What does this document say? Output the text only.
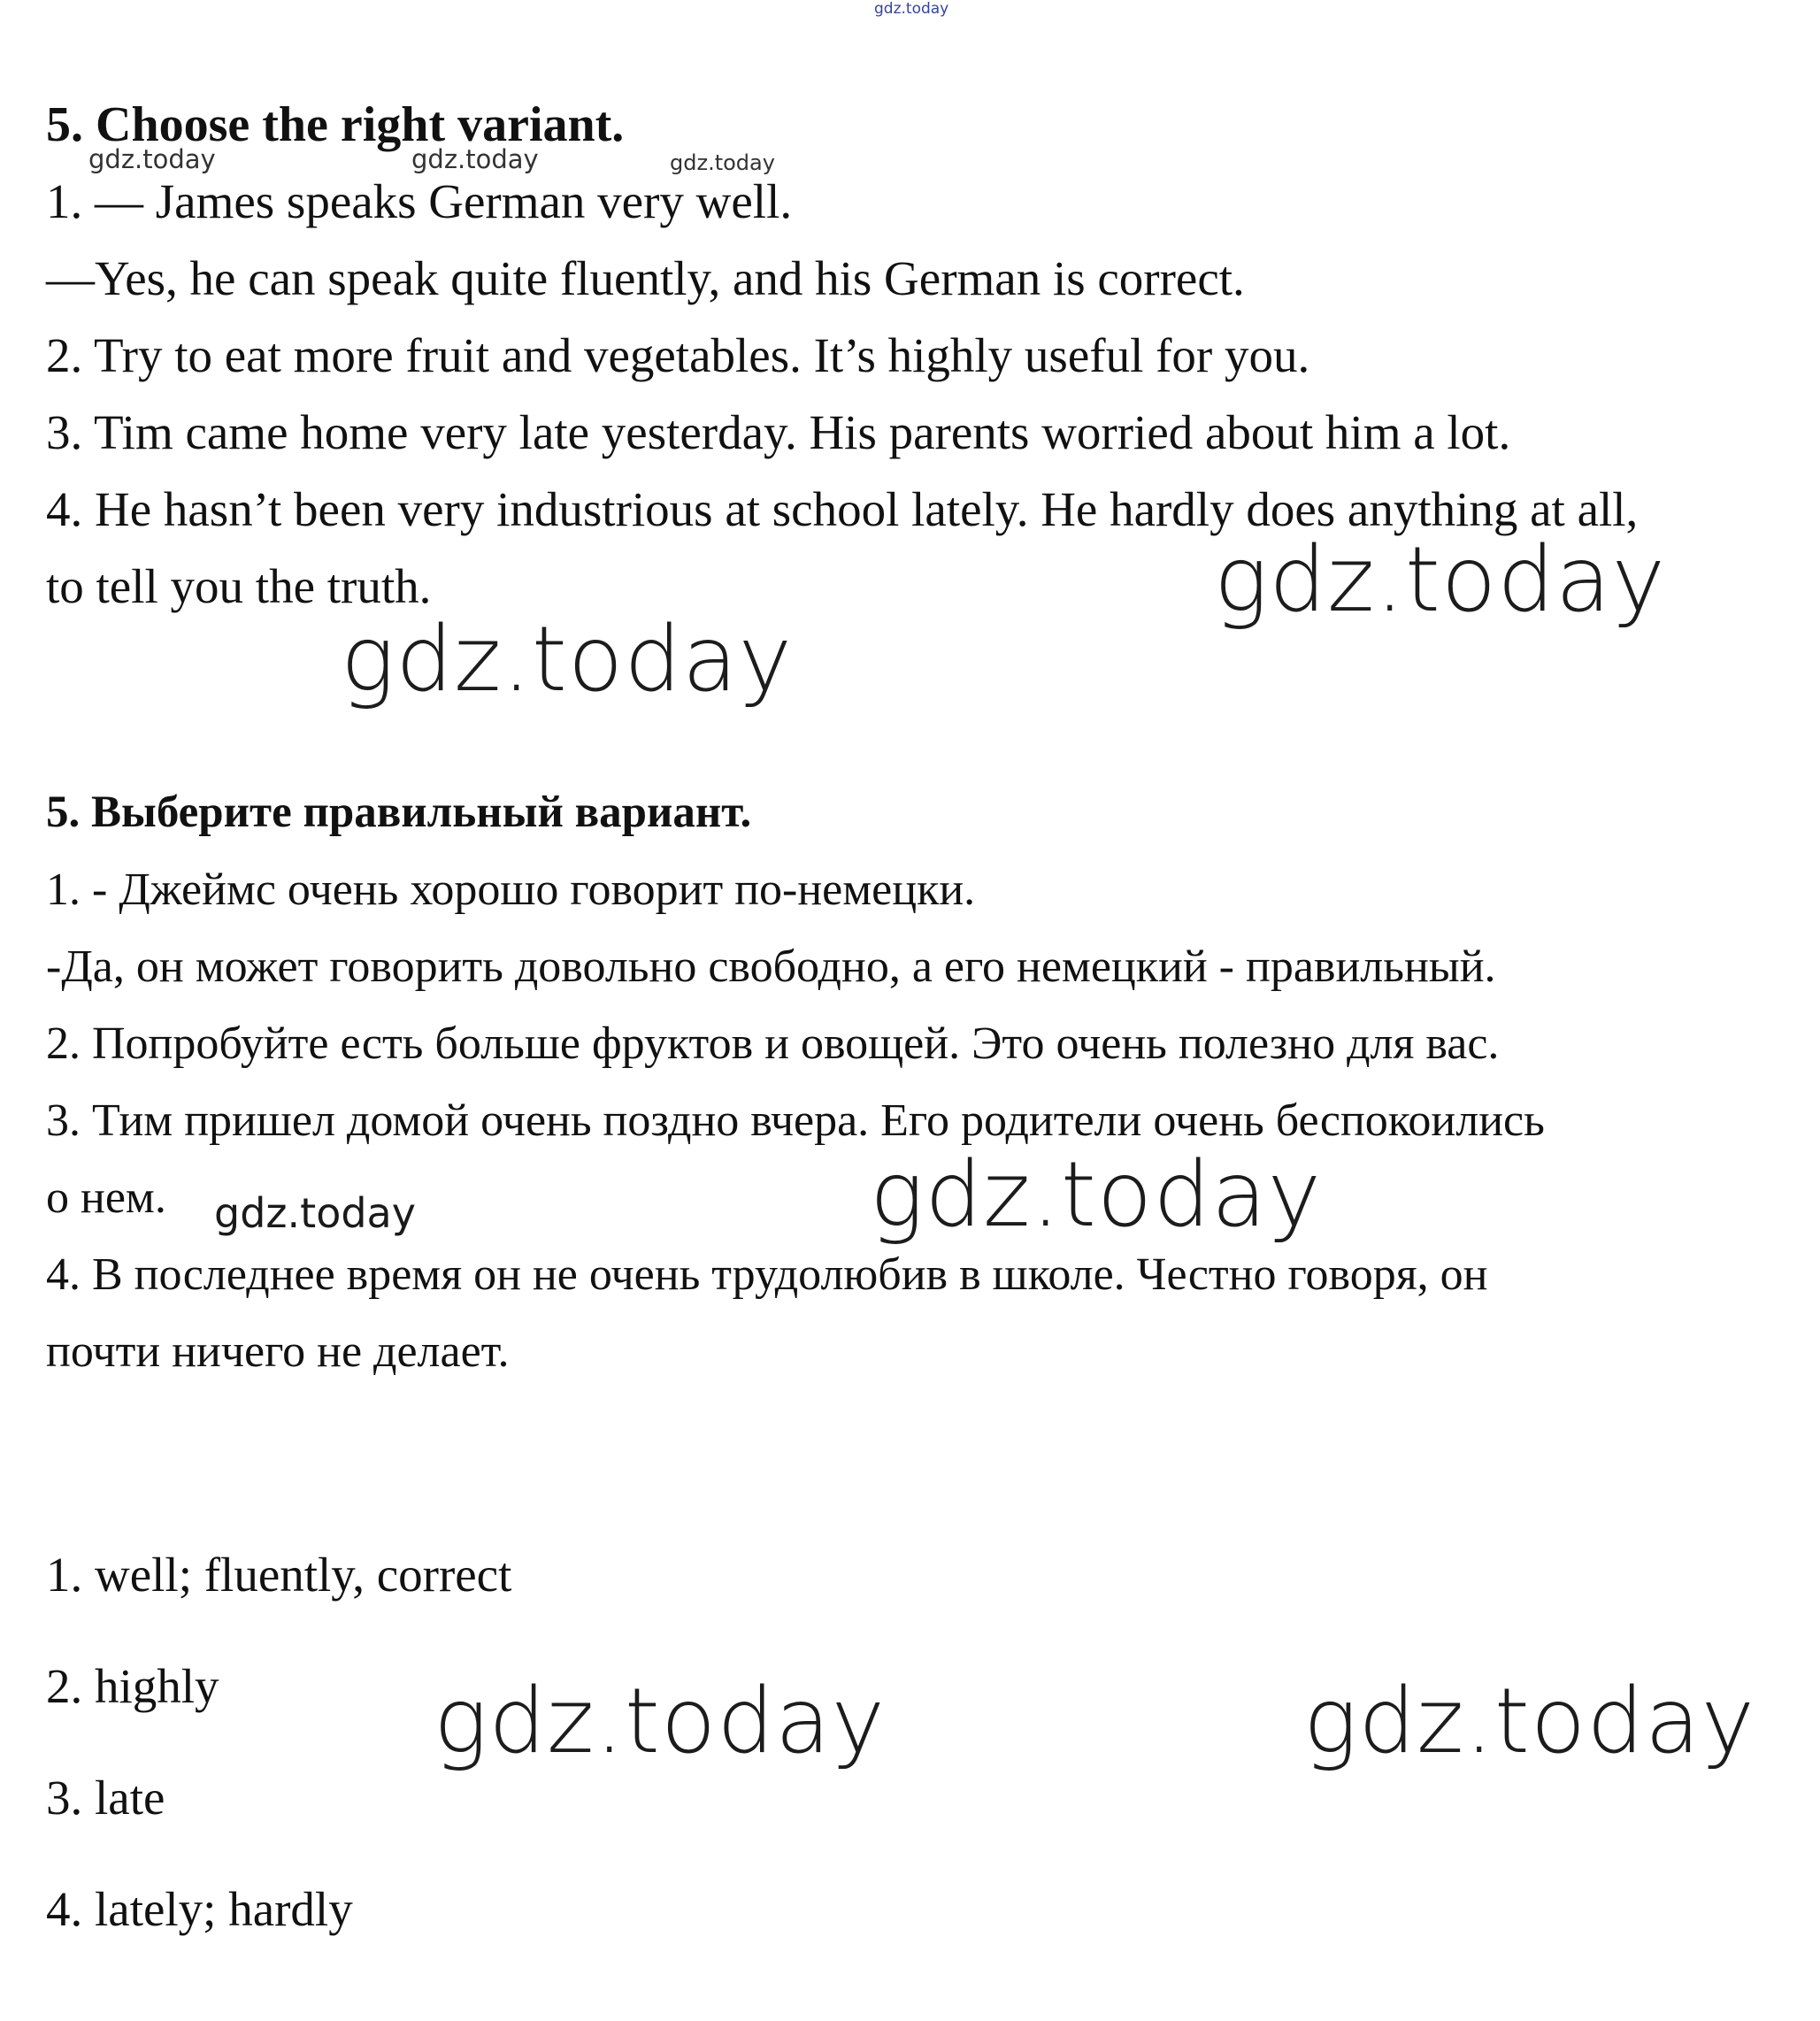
gdz.today

5. Choose the right variant.

gdz.today	gdz.today	gdz.today

1. — James speaks German very well.

—Yes, he can speak quite fluently, and his German is correct.

2. Try to eat more fruit and vegetables. It’s highly useful for you.

3. Tim came home very late yesterday. His parents worried about him a lot.

4. He hasn’t been very industrious at school lately. He hardly does anything at all,

to tell you the truth.	gdz.today
gdz.today

5. Выберите правильный вариант.

1. - Джеймс очень хорошо говорит по-немецки.

-Да, он может говорить довольно свободно, а его немецкий - правильный.

2. Попробуйте есть больше фруктов и овощей. Это очень полезно для вас.

3. Тим пришел домой очень поздно вчера. Его родители очень беспокоились

о нем. gdz.today	gdz.today

4. В последнее время он не очень трудолюбив в школе. Честно говоря, он

почти ничего не делает.

1. well; fluently, correct

2. highly

3. late

4. lately; hardly

gdz.today	gdz.today
